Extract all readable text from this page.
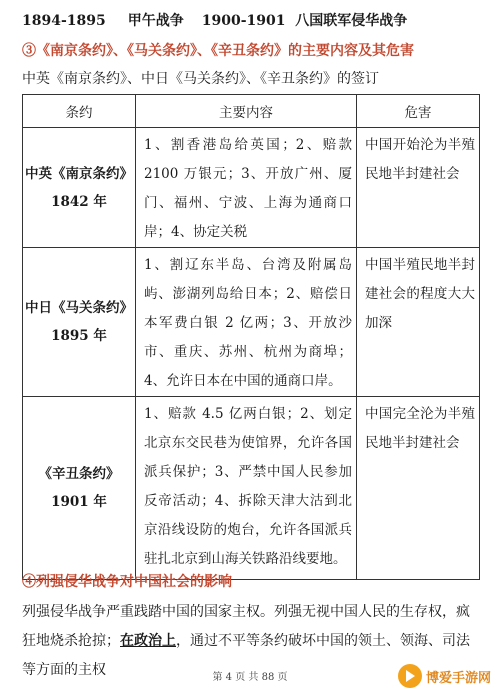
1894-1895 甲午战争 1900-1901 八国联军侵华战争
③《南京条约》、《马关条约》、《辛丑条约》的主要内容及其危害
中英《南京条约》、中日《马关条约》、《辛丑条约》的签订
条约	主要内容	危害

中英《南京条约》
1842 年	1、割香港岛给英国；2、赔款 2100 万银元；3、开放广州、厦门、福州、宁波、上海为通商口岸；4、协定关税	中国开始沦为半殖民地半封建社会

中日《马关条约》
1895 年	1、割辽东半岛、台湾及附属岛屿、澎湖列岛给日本；2、赔偿日本军费白银 2 亿两；3、开放沙市、重庆、苏州、杭州为商埠；4、允许日本在中国的通商口岸。	中国半殖民地半封建社会的程度大大加深

《辛丑条约》
1901 年	1、赔款 4.5 亿两白银；2、划定北京东交民巷为使馆界，允许各国派兵保护；3、严禁中国人民参加反帝活动；4、拆除天津大沽到北京沿线设防的炮台，允许各国派兵驻扎北京到山海关铁路沿线要地。	中国完全沦为半殖民地半封建社会
④列强侵华战争对中国社会的影响
列强侵华战争严重践踏中国的国家主权。列强无视中国人民的生存权，疯狂地烧杀抢掠；在政治上，通过不平等条约破坏中国的领土、领海、司法等方面的主权	第 4 页 共 88 页	博爱手游网
